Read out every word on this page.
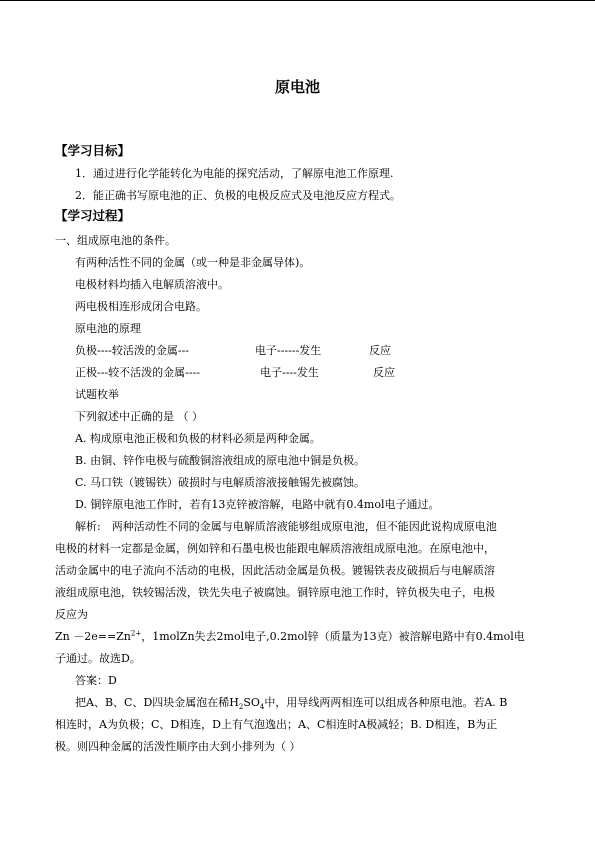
原电池
【学习目标】
1．通过进行化学能转化为电能的探究活动，了解原电池工作原理.
2．能正确书写原电池的正、负极的电极反应式及电池反应方程式。
【学习过程】
一、组成原电池的条件。
有两种活性不同的金属（或一种是非金属导体)。
电极材料均插入电解质溶液中。
两电极相连形成闭合电路。
原电池的原理
负极----较活泼的金属---	电子------发生	反应
正极---较不活泼的金属----	电子----发生	反应
试题枚举
下列叙述中正确的是 （ ）
A. 构成原电池正极和负极的材料必须是两种金属。
B. 由铜、锌作电极与硫酸铜溶液组成的原电池中铜是负极。
C. 马口铁（镀锡铁）破损时与电解质溶液接触锡先被腐蚀。
D. 铜锌原电池工作时，若有13克锌被溶解，电路中就有0.4mol电子通过。
解析:　两种活动性不同的金属与电解质溶液能够组成原电池，但不能因此说构成原电池
电极的材料一定都是金属，例如锌和石墨电极也能跟电解质溶液组成原电池。在原电池中，
活动金属中的电子流向不活动的电极，因此活动金属是负极。镀锡铁表皮破损后与电解质溶
液组成原电池，铁较锡活泼，铁先失电子被腐蚀。铜锌原电池工作时，锌负极失电子，电极
反应为
$Zn -2e==Zn^{2+}$，1molZn失去2mol电子,0.2mol锌（质量为13克）被溶解电路中有0.4mol电
子通过。故选D。
答案：D
把A、B、C、D四块金属泡在稀$H_2SO_4$中，用导线两两相连可以组成各种原电池。若A. B
相连时，A为负极；C、D相连，D上有气泡逸出；A、C相连时A极减轻；B. D相连，B为正
极。则四种金属的活泼性顺序由大到小排列为（ ）
